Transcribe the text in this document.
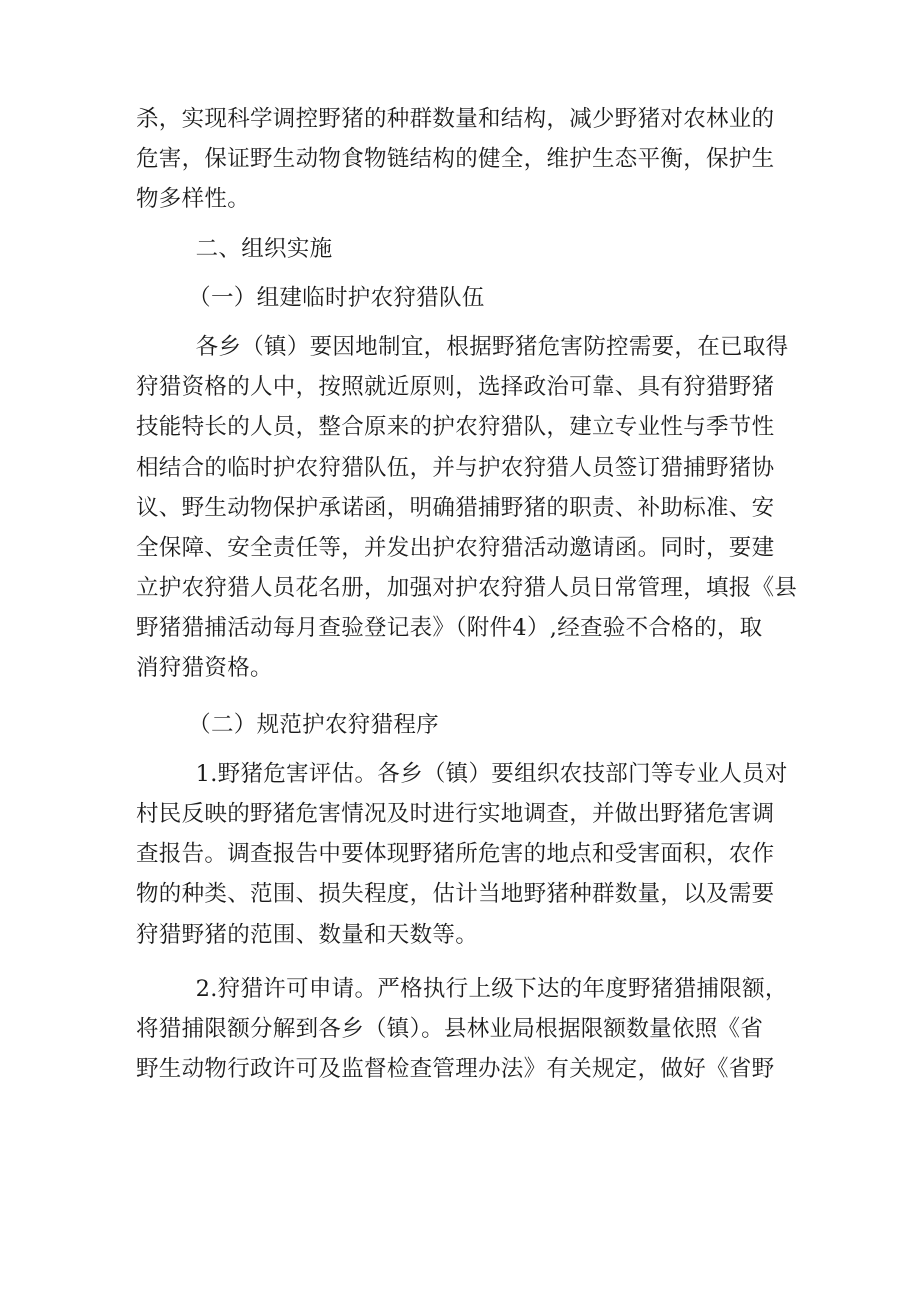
杀，实现科学调控野猪的种群数量和结构，减少野猪对农林业的
危害，保证野生动物食物链结构的健全，维护生态平衡，保护生
物多样性。
二、组织实施
（一）组建临时护农狩猎队伍
各乡（镇）要因地制宜，根据野猪危害防控需要，在已取得
狩猎资格的人中，按照就近原则，选择政治可靠、具有狩猎野猪
技能特长的人员，整合原来的护农狩猎队，建立专业性与季节性
相结合的临时护农狩猎队伍，并与护农狩猎人员签订猎捕野猪协
议、野生动物保护承诺函，明确猎捕野猪的职责、补助标准、安
全保障、安全责任等，并发出护农狩猎活动邀请函。同时，要建
立护农狩猎人员花名册，加强对护农狩猎人员日常管理，填报《县
野猪猎捕活动每月查验登记表》（附件4）,经查验不合格的，取
消狩猎资格。
（二）规范护农狩猎程序
1.野猪危害评估。各乡（镇）要组织农技部门等专业人员对
村民反映的野猪危害情况及时进行实地调查，并做出野猪危害调
查报告。调查报告中要体现野猪所危害的地点和受害面积，农作
物的种类、范围、损失程度，估计当地野猪种群数量，以及需要
狩猎野猪的范围、数量和天数等。
2.狩猎许可申请。严格执行上级下达的年度野猪猎捕限额，
将猎捕限额分解到各乡（镇）。县林业局根据限额数量依照《省
野生动物行政许可及监督检查管理办法》有关规定，做好《省野
